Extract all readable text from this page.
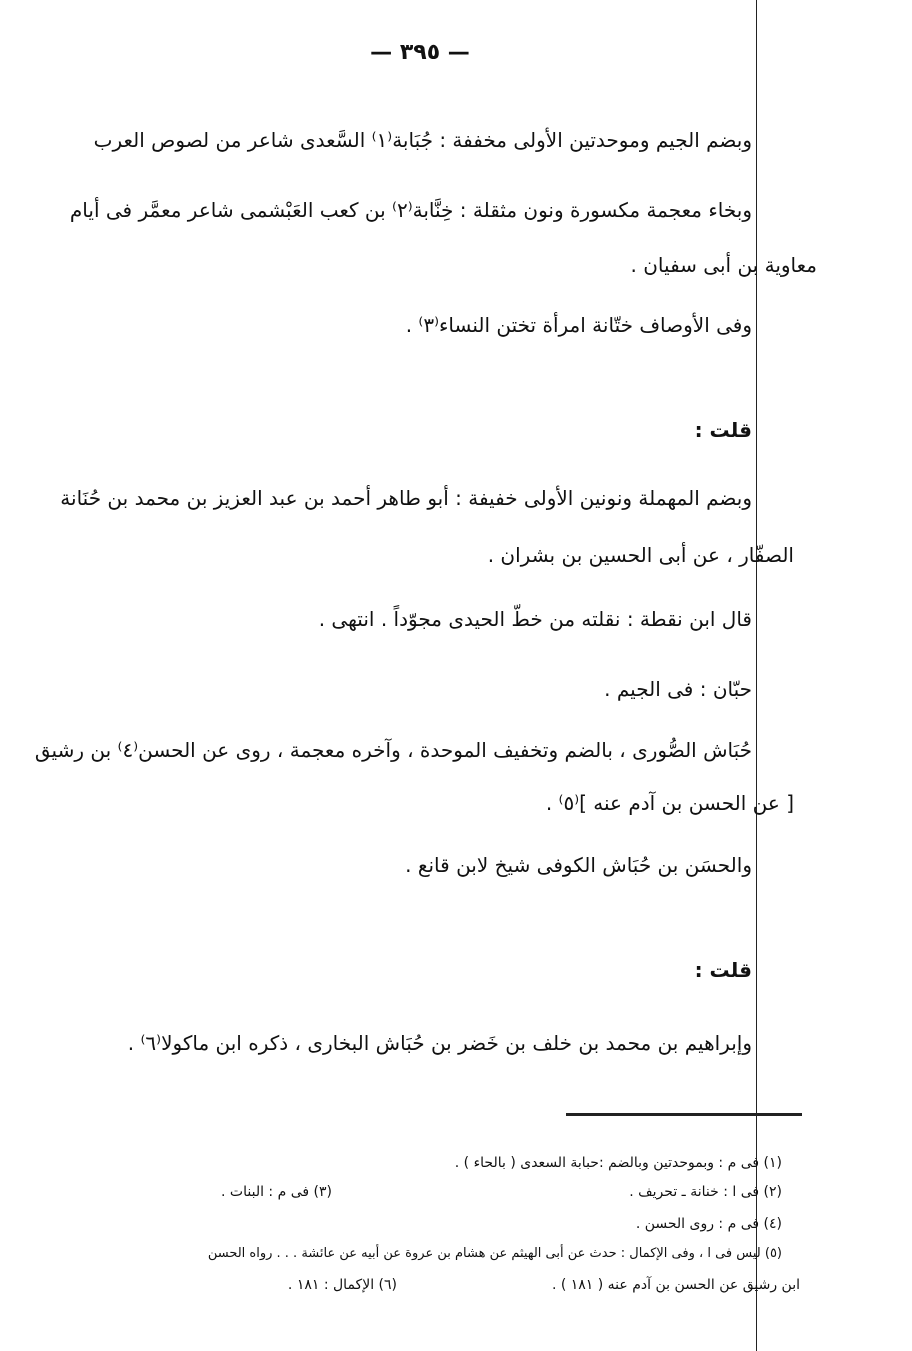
— ٣٩٥ —
وبضم الجيم وموحدتين الأولى مخففة : جُبَابة⁽١⁾ السَّعدى شاعر من لصوص العرب
وبخاء معجمة مكسورة ونون مثقلة : خِنَّابة⁽٢⁾ بن كعب العَبْشمى شاعر معمَّر فى أيام
معاوية بن أبى سفيان .
وفى الأوصاف ختّانة امرأة تختن النساء⁽٣⁾ .
قلت :
وبضم المهملة ونونين الأولى خفيفة : أبو طاهر أحمد بن عبد العزيز بن محمد بن حُنَانة
الصفّار ، عن أبى الحسين بن بشران .
قال ابن نقطة : نقلته من خطّ الحيدى مجوّداً . انتهى .
حبّان : فى الجيم .
حُبَاش الصُّورى ، بالضم وتخفيف الموحدة ، وآخره معجمة ، روى عن الحسن⁽٤⁾ بن رشيق
[ عن الحسن بن آدم عنه ]⁽٥⁾ .
والحسَن بن حُبَاش الكوفى شيخ لابن قانع .
قلت :
وإبراهيم بن محمد بن خلف بن خَضر بن حُبَاش البخارى ، ذكره ابن ماكولا⁽٦⁾ .
(١) فى م : وبموحدتين وبالضم :حبابة السعدى ( بالحاء ) .
(٢) فى ا : خنانة ـ تحريف .
(٣) فى م : البنات .
(٤) فى م : روى الحسن .
(٥) ليس فى ا ، وفى الإكمال : حدث عن أبى الهيثم عن هشام بن عروة عن أبيه عن عائشة . . . رواه الحسن
ابن رشيق عن الحسن بن آدم عنه ( ١٨١ ) .
(٦) الإكمال : ١٨١ .
